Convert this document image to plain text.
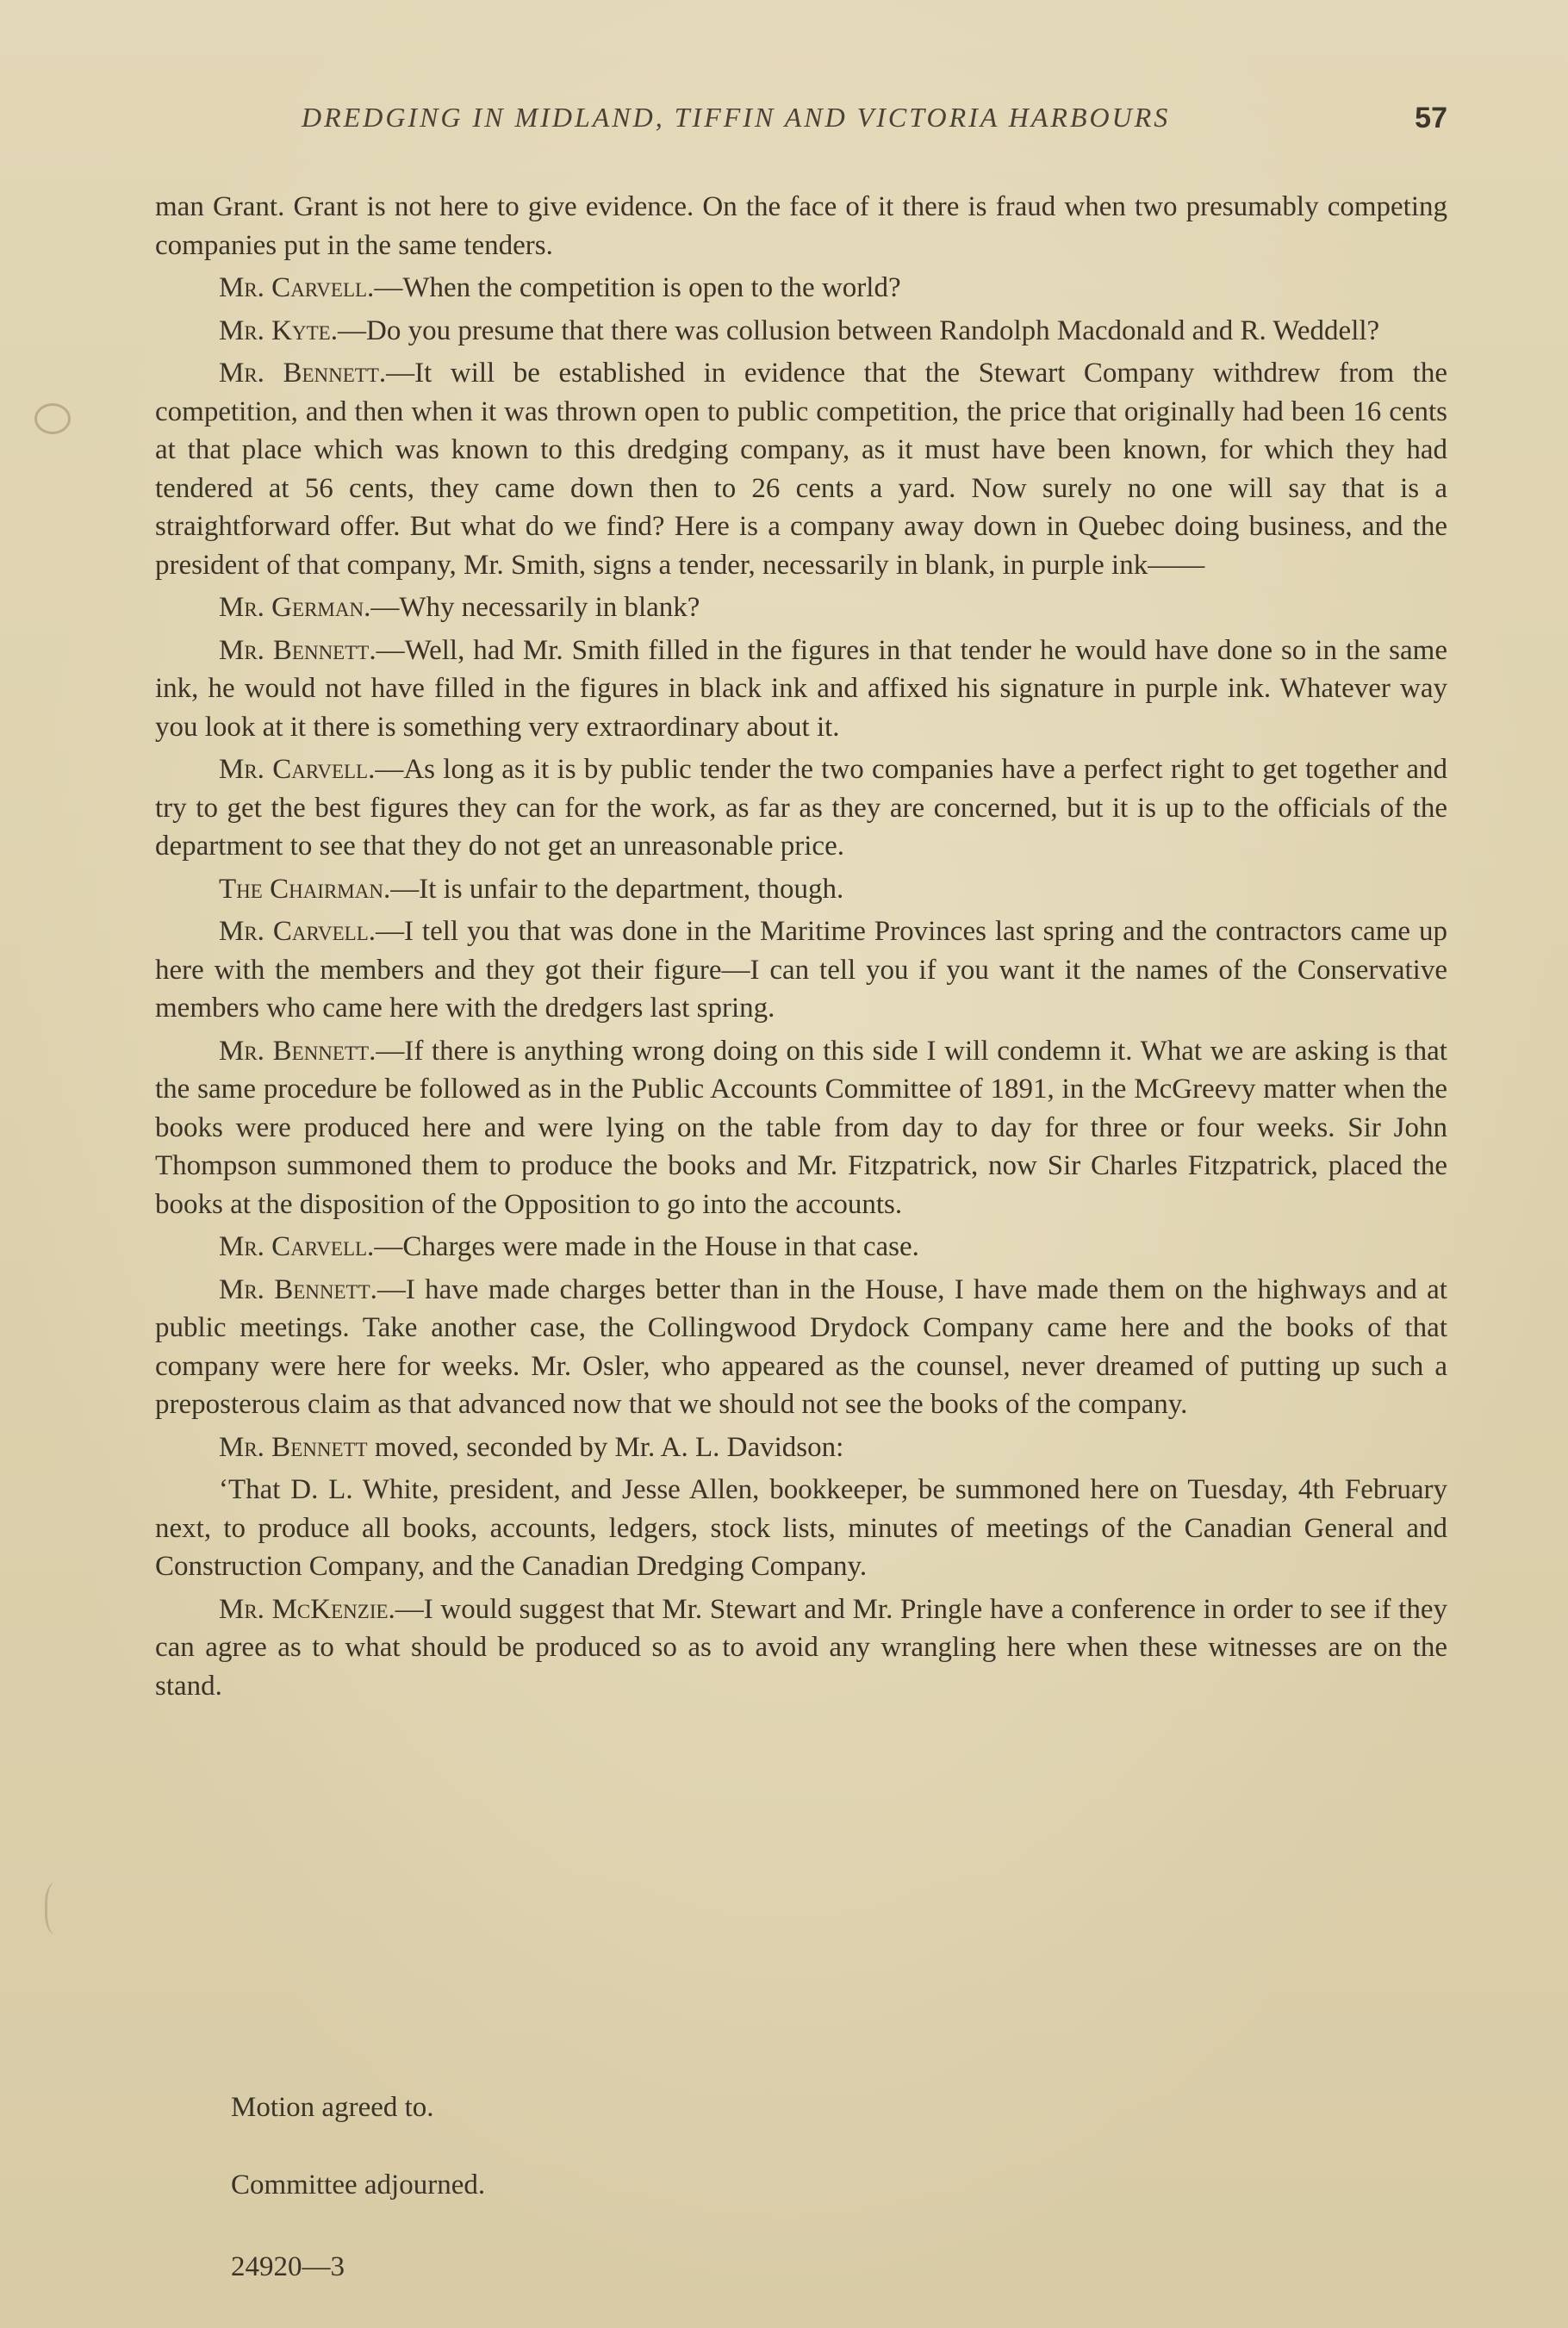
DREDGING IN MIDLAND, TIFFIN AND VICTORIA HARBOURS	57

man Grant. Grant is not here to give evidence. On the face of it there is fraud when two presumably competing companies put in the same tenders.

Mr. Carvell.—When the competition is open to the world?

Mr. Kyte.—Do you presume that there was collusion between Randolph Macdonald and R. Weddell?

Mr. Bennett.—It will be established in evidence that the Stewart Company withdrew from the competition, and then when it was thrown open to public competition, the price that originally had been 16 cents at that place which was known to this dredging company, as it must have been known, for which they had tendered at 56 cents, they came down then to 26 cents a yard. Now surely no one will say that is a straightforward offer. But what do we find? Here is a company away down in Quebec doing business, and the president of that company, Mr. Smith, signs a tender, necessarily in blank, in purple ink——

Mr. German.—Why necessarily in blank?

Mr. Bennett.—Well, had Mr. Smith filled in the figures in that tender he would have done so in the same ink, he would not have filled in the figures in black ink and affixed his signature in purple ink. Whatever way you look at it there is something very extraordinary about it.

Mr. Carvell.—As long as it is by public tender the two companies have a perfect right to get together and try to get the best figures they can for the work, as far as they are concerned, but it is up to the officials of the department to see that they do not get an unreasonable price.

The Chairman.—It is unfair to the department, though.

Mr. Carvell.—I tell you that was done in the Maritime Provinces last spring and the contractors came up here with the members and they got their figure—I can tell you if you want it the names of the Conservative members who came here with the dredgers last spring.

Mr. Bennett.—If there is anything wrong doing on this side I will condemn it. What we are asking is that the same procedure be followed as in the Public Accounts Committee of 1891, in the McGreevy matter when the books were produced here and were lying on the table from day to day for three or four weeks. Sir John Thompson summoned them to produce the books and Mr. Fitzpatrick, now Sir Charles Fitzpatrick, placed the books at the disposition of the Opposition to go into the accounts.

Mr. Carvell.—Charges were made in the House in that case.

Mr. Bennett.—I have made charges better than in the House, I have made them on the highways and at public meetings. Take another case, the Collingwood Drydock Company came here and the books of that company were here for weeks. Mr. Osler, who appeared as the counsel, never dreamed of putting up such a preposterous claim as that advanced now that we should not see the books of the company.

Mr. Bennett moved, seconded by Mr. A. L. Davidson:

‘That D. L. White, president, and Jesse Allen, bookkeeper, be summoned here on Tuesday, 4th February next, to produce all books, accounts, ledgers, stock lists, minutes of meetings of the Canadian General and Construction Company, and the Canadian Dredging Company.

Mr. McKenzie.—I would suggest that Mr. Stewart and Mr. Pringle have a conference in order to see if they can agree as to what should be produced so as to avoid any wrangling here when these witnesses are on the stand.

Motion agreed to.
Committee adjourned.
24920—3
